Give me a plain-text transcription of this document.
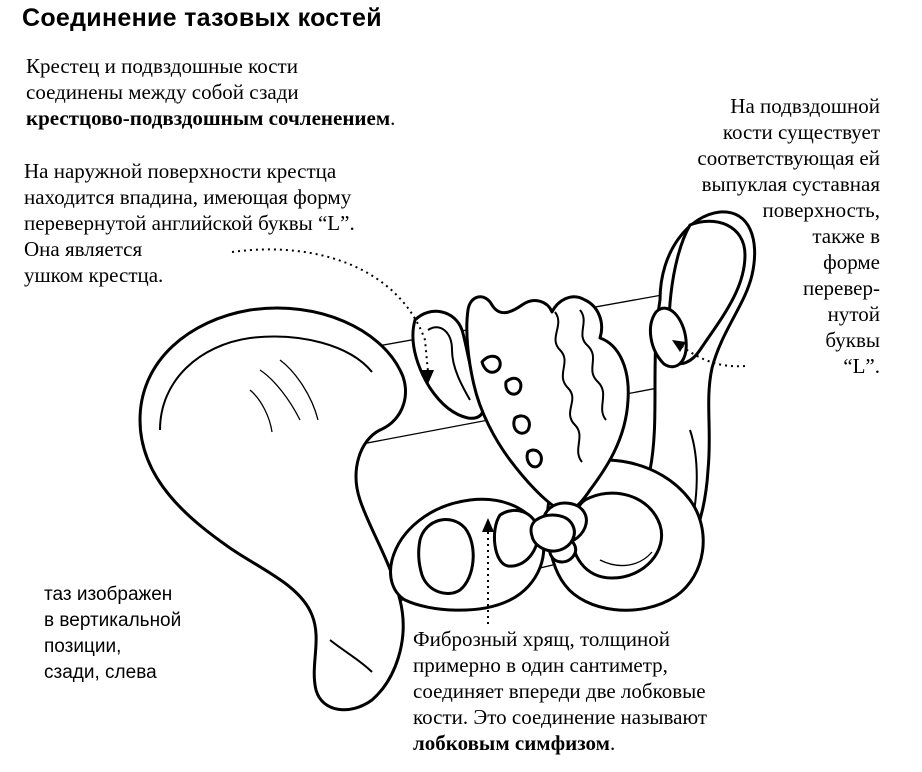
Соединение тазовых костей
Крестец и подвздошные кости
соединены между собой сзади
крестцово-подвздошным сочленением.
На наружной поверхности крестца
находится впадина, имеющая форму
перевернутой английской буквы “L”.
Она является
ушком крестца.
На подвздошной
кости существует
соответствующая ей
выпуклая суставная
поверхность,
также в
форме
перевер-
нутой
буквы
“L”.
таз изображен
в вертикальной
позиции,
сзади, слева
Фиброзный хрящ, толщиной
примерно в один сантиметр,
соединяет впереди две лобковые
кости. Это соединение называют
лобковым симфизом.
